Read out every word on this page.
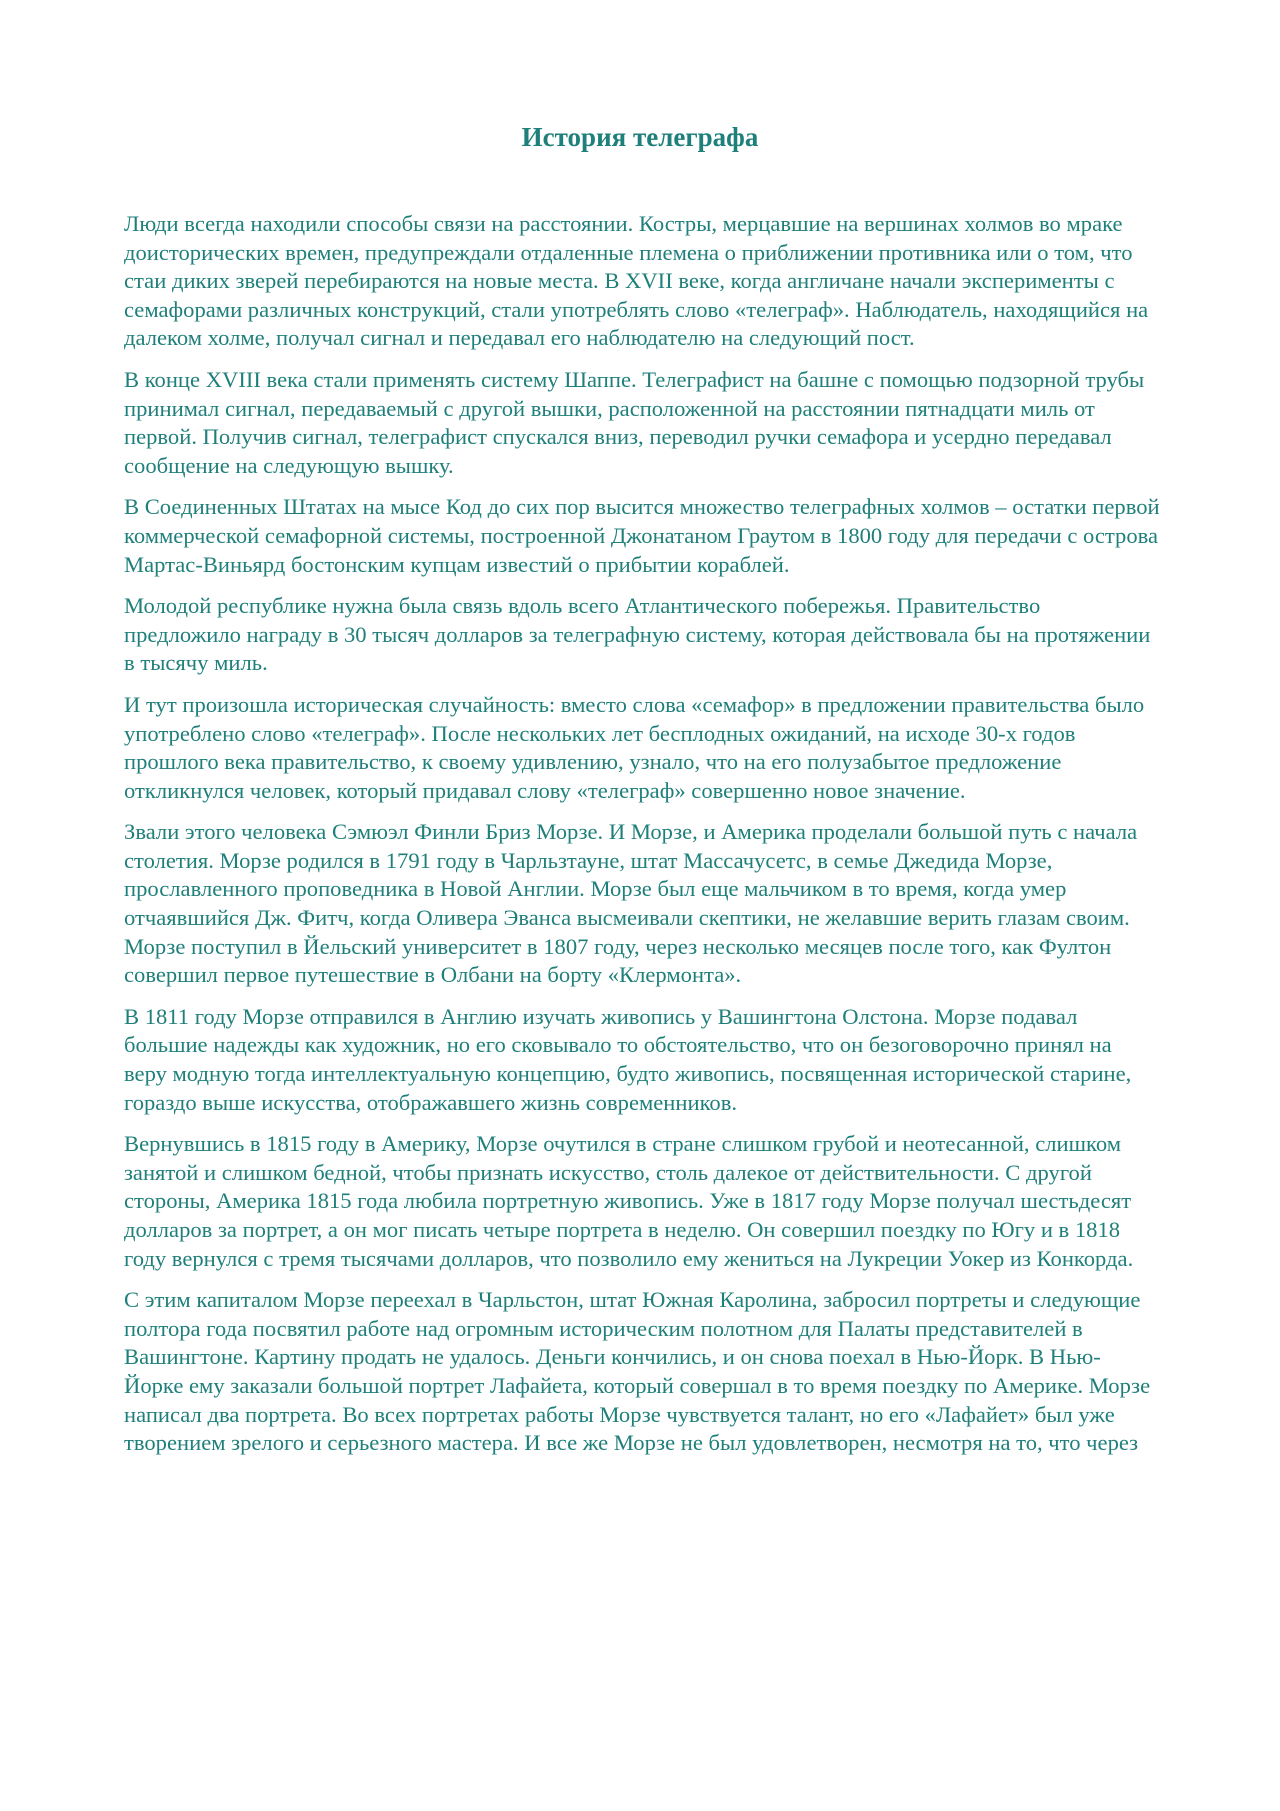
История телеграфа

Люди всегда находили способы связи на расстоянии. Костры, мерцавшие на вершинах холмов во мраке доисторических времен, предупреждали отдаленные племена о приближении противника или о том, что стаи диких зверей перебираются на новые места. В XVII веке, когда англичане начали эксперименты с семафорами различных конструкций, стали употреблять слово «телеграф». Наблюдатель, находящийся на далеком холме, получал сигнал и передавал его наблюдателю на следующий пост.

В конце XVIII века стали применять систему Шаппе. Телеграфист на башне с помощью подзорной трубы принимал сигнал, передаваемый с другой вышки, расположенной на расстоянии пятнадцати миль от первой. Получив сигнал, телеграфист спускался вниз, переводил ручки семафора и усердно передавал сообщение на следующую вышку.

В Соединенных Штатах на мысе Код до сих пор высится множество телеграфных холмов – остатки первой коммерческой семафорной системы, построенной Джонатаном Граутом в 1800 году для передачи с острова Мартас-Виньярд бостонским купцам известий о прибытии кораблей.

Молодой республике нужна была связь вдоль всего Атлантического побережья. Правительство предложило награду в 30 тысяч долларов за телеграфную систему, которая действовала бы на протяжении в тысячу миль.

И тут произошла историческая случайность: вместо слова «семафор» в предложении правительства было употреблено слово «телеграф». После нескольких лет бесплодных ожиданий, на исходе 30-х годов прошлого века правительство, к своему удивлению, узнало, что на его полузабытое предложение откликнулся человек, который придавал слову «телеграф» совершенно новое значение.

Звали этого человека Сэмюэл Финли Бриз Морзе. И Морзе, и Америка проделали большой путь с начала столетия. Морзе родился в 1791 году в Чарльзтауне, штат Массачусетс, в семье Джедида Морзе, прославленного проповедника в Новой Англии. Морзе был еще мальчиком в то время, когда умер отчаявшийся Дж. Фитч, когда Оливера Эванса высмеивали скептики, не желавшие верить глазам своим. Морзе поступил в Йельский университет в 1807 году, через несколько месяцев после того, как Фултон совершил первое путешествие в Олбани на борту «Клермонта».

В 1811 году Морзе отправился в Англию изучать живопись у Вашингтона Олстона. Морзе подавал большие надежды как художник, но его сковывало то обстоятельство, что он безоговорочно принял на веру модную тогда интеллектуальную концепцию, будто живопись, посвященная исторической старине, гораздо выше искусства, отображавшего жизнь современников.

Вернувшись в 1815 году в Америку, Морзе очутился в стране слишком грубой и неотесанной, слишком занятой и слишком бедной, чтобы признать искусство, столь далекое от действительности. С другой стороны, Америка 1815 года любила портретную живопись. Уже в 1817 году Морзе получал шестьдесят долларов за портрет, а он мог писать четыре портрета в неделю. Он совершил поездку по Югу и в 1818 году вернулся с тремя тысячами долларов, что позволило ему жениться на Лукреции Уокер из Конкорда.

С этим капиталом Морзе переехал в Чарльстон, штат Южная Каролина, забросил портреты и следующие полтора года посвятил работе над огромным историческим полотном для Палаты представителей в Вашингтоне. Картину продать не удалось. Деньги кончились, и он снова поехал в Нью-Йорк. В Нью-Йорке ему заказали большой портрет Лафайета, который совершал в то время поездку по Америке. Морзе написал два портрета. Во всех портретах работы Морзе чувствуется талант, но его «Лафайет» был уже творением зрелого и серьезного мастера. И все же Морзе не был удовлетворен, несмотря на то, что через
